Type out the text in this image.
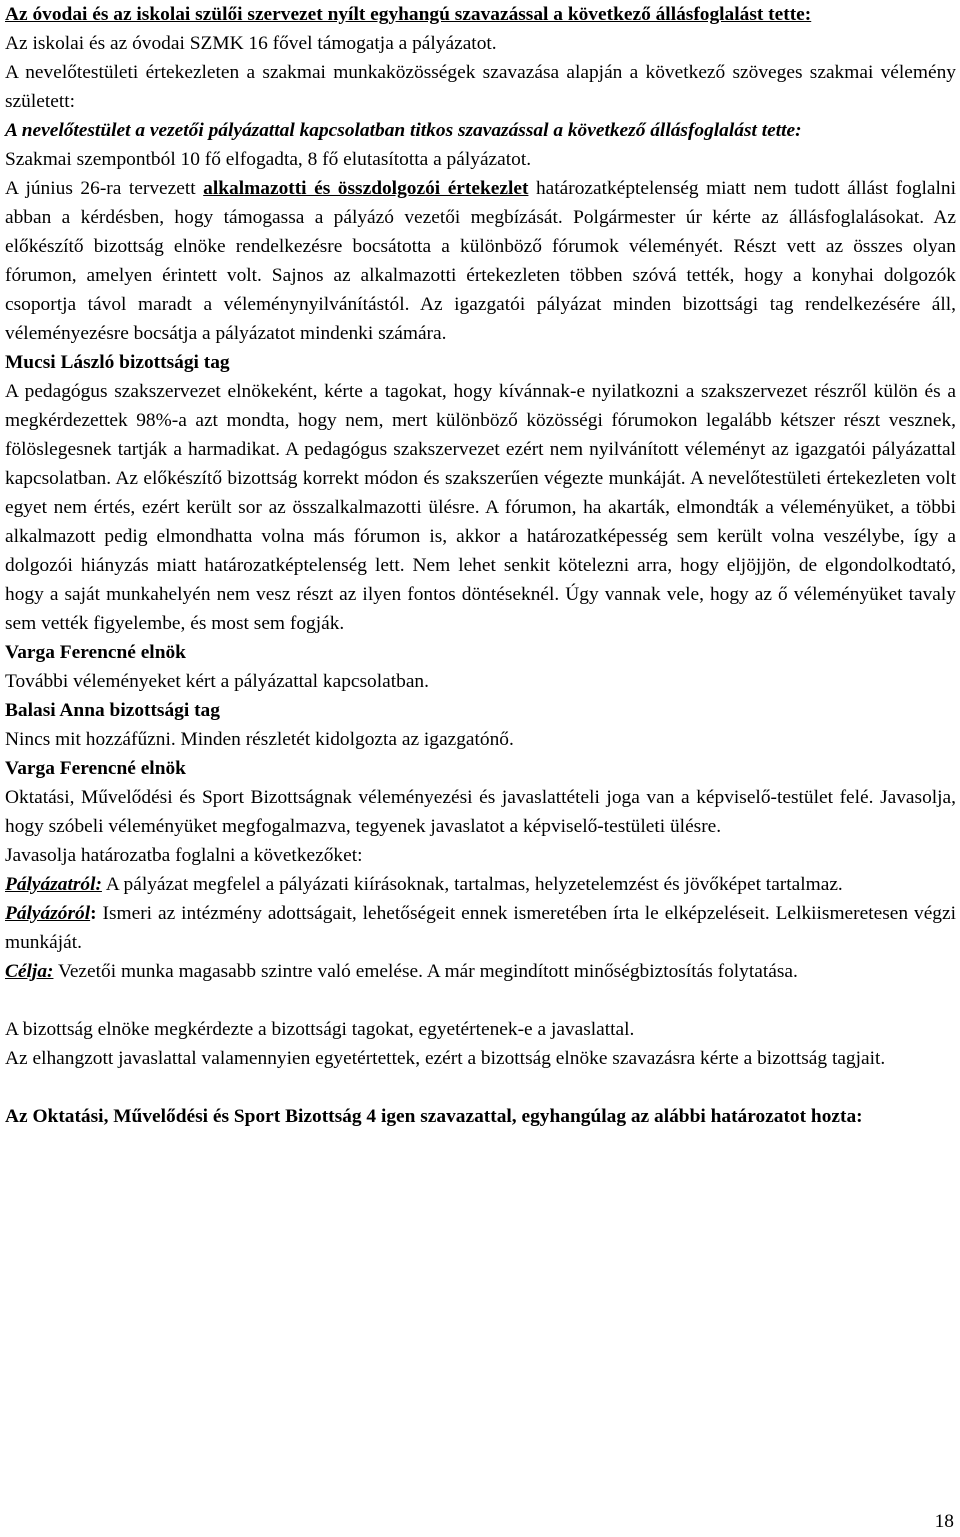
Az óvodai és az iskolai szülői szervezet nyílt egyhangú szavazással a következő állásfoglalást tette:

Az iskolai és az óvodai SZMK 16 fővel támogatja a pályázatot.

A nevelőtestületi értekezleten a szakmai munkaközösségek szavazása alapján a következő szöveges szakmai vélemény született:

A nevelőtestület a vezetői pályázattal kapcsolatban titkos szavazással a következő állásfoglalást tette:

Szakmai szempontból 10 fő elfogadta, 8 fő elutasította a pályázatot.

A június 26-ra tervezett alkalmazotti és összdolgozói értekezlet határozatképtelenség miatt nem tudott állást foglalni abban a kérdésben, hogy támogassa a pályázó vezetői megbízását. Polgármester úr kérte az állásfoglalásokat. Az előkészítő bizottság elnöke rendelkezésre bocsátotta a különböző fórumok véleményét. Részt vett az összes olyan fórumon, amelyen érintett volt. Sajnos az alkalmazotti értekezleten többen szóvá tették, hogy a konyhai dolgozók csoportja távol maradt a véleménynyilvánítástól. Az igazgatói pályázat minden bizottsági tag rendelkezésére áll, véleményezésre bocsátja a pályázatot mindenki számára.

Mucsi László bizottsági tag

A pedagógus szakszervezet elnökeként, kérte a tagokat, hogy kívánnak-e nyilatkozni a szakszervezet részről külön és a megkérdezettek 98%-a azt mondta, hogy nem, mert különböző közösségi fórumokon legalább kétszer részt vesznek, fölöslegesnek tartják a harmadikat. A pedagógus szakszervezet ezért nem nyilvánított véleményt az igazgatói pályázattal kapcsolatban. Az előkészítő bizottság korrekt módon és szakszerűen végezte munkáját. A nevelőtestületi értekezleten volt egyet nem értés, ezért került sor az összalkalmazotti ülésre. A fórumon, ha akarták, elmondták a véleményüket, a többi alkalmazott pedig elmondhatta volna más fórumon is, akkor a határozatképesség sem került volna veszélybe, így a dolgozói hiányzás miatt határozatképtelenség lett. Nem lehet senkit kötelezni arra, hogy eljöjjön, de elgondolkodtató, hogy a saját munkahelyén nem vesz részt az ilyen fontos döntéseknél. Úgy vannak vele, hogy az ő véleményüket tavaly sem vették figyelembe, és most sem fogják.

Varga Ferencné elnök

További véleményeket kért a pályázattal kapcsolatban.

Balasi Anna bizottsági tag

Nincs mit hozzáfűzni. Minden részletét kidolgozta az igazgatónő.

Varga Ferencné elnök

Oktatási, Művelődési és Sport Bizottságnak véleményezési és javaslattételi joga van a képviselő-testület felé. Javasolja, hogy szóbeli véleményüket megfogalmazva, tegyenek javaslatot a képviselő-testületi ülésre.

Javasolja határozatba foglalni a következőket:

Pályázatról: A pályázat megfelel a pályázati kiírásoknak, tartalmas, helyzetelemzést és jövőképet tartalmaz.

Pályázóról: Ismeri az intézmény adottságait, lehetőségeit ennek ismeretében írta le elképzeléseit. Lelkiismeretesen végzi munkáját.

Célja: Vezetői munka magasabb szintre való emelése. A már megindított minőségbiztosítás folytatása.

A bizottság elnöke megkérdezte a bizottsági tagokat, egyetértenek-e a javaslattal.

Az elhangzott javaslattal valamennyien egyetértettek, ezért a bizottság elnöke szavazásra kérte a bizottság tagjait.

Az Oktatási, Művelődési és Sport Bizottság 4 igen szavazattal, egyhangúlag az alábbi határozatot hozta:

18
